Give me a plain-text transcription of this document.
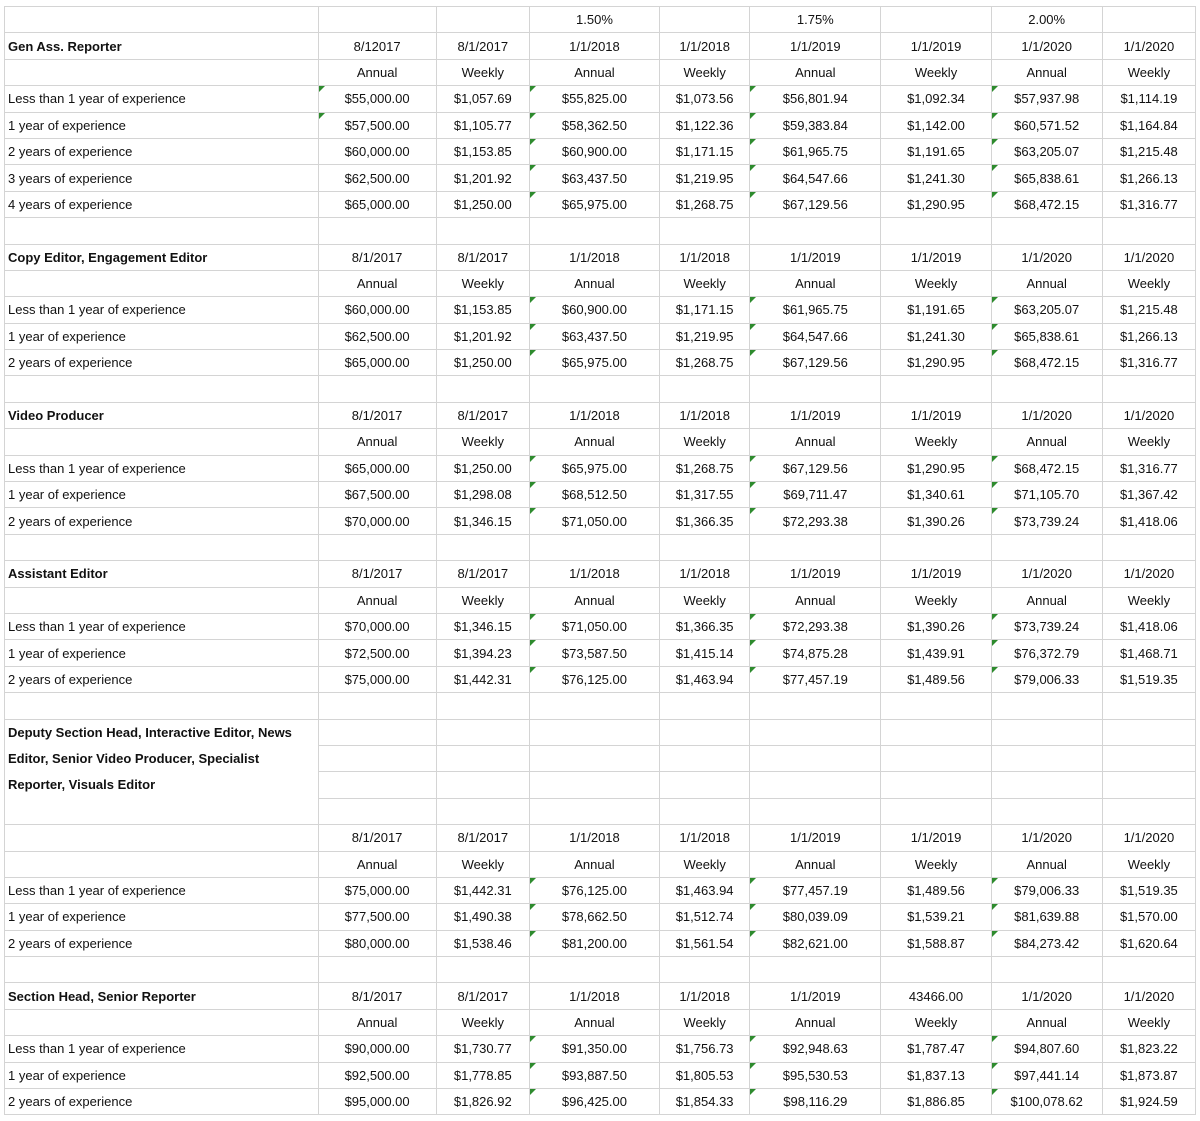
			1.50%		1.75%		2.00%	
Gen Ass. Reporter	8/12017	8/1/2017	1/1/2018	1/1/2018	1/1/2019	1/1/2019	1/1/2020	1/1/2020
	Annual	Weekly	Annual	Weekly	Annual	Weekly	Annual	Weekly
Less than 1 year of experience	$55,000.00	$1,057.69	$55,825.00	$1,073.56	$56,801.94	$1,092.34	$57,937.98	$1,114.19
1 year of experience	$57,500.00	$1,105.77	$58,362.50	$1,122.36	$59,383.84	$1,142.00	$60,571.52	$1,164.84
2 years of experience	$60,000.00	$1,153.85	$60,900.00	$1,171.15	$61,965.75	$1,191.65	$63,205.07	$1,215.48
3 years of experience	$62,500.00	$1,201.92	$63,437.50	$1,219.95	$64,547.66	$1,241.30	$65,838.61	$1,266.13
4 years of experience	$65,000.00	$1,250.00	$65,975.00	$1,268.75	$67,129.56	$1,290.95	$68,472.15	$1,316.77

Copy Editor, Engagement Editor	8/1/2017	8/1/2017	1/1/2018	1/1/2018	1/1/2019	1/1/2019	1/1/2020	1/1/2020
	Annual	Weekly	Annual	Weekly	Annual	Weekly	Annual	Weekly
Less than 1 year of experience	$60,000.00	$1,153.85	$60,900.00	$1,171.15	$61,965.75	$1,191.65	$63,205.07	$1,215.48
1 year of experience	$62,500.00	$1,201.92	$63,437.50	$1,219.95	$64,547.66	$1,241.30	$65,838.61	$1,266.13
2 years of experience	$65,000.00	$1,250.00	$65,975.00	$1,268.75	$67,129.56	$1,290.95	$68,472.15	$1,316.77

Video Producer	8/1/2017	8/1/2017	1/1/2018	1/1/2018	1/1/2019	1/1/2019	1/1/2020	1/1/2020
	Annual	Weekly	Annual	Weekly	Annual	Weekly	Annual	Weekly
Less than 1 year of experience	$65,000.00	$1,250.00	$65,975.00	$1,268.75	$67,129.56	$1,290.95	$68,472.15	$1,316.77
1 year of experience	$67,500.00	$1,298.08	$68,512.50	$1,317.55	$69,711.47	$1,340.61	$71,105.70	$1,367.42
2 years of experience	$70,000.00	$1,346.15	$71,050.00	$1,366.35	$72,293.38	$1,390.26	$73,739.24	$1,418.06

Assistant Editor	8/1/2017	8/1/2017	1/1/2018	1/1/2018	1/1/2019	1/1/2019	1/1/2020	1/1/2020
	Annual	Weekly	Annual	Weekly	Annual	Weekly	Annual	Weekly
Less than 1 year of experience	$70,000.00	$1,346.15	$71,050.00	$1,366.35	$72,293.38	$1,390.26	$73,739.24	$1,418.06
1 year of experience	$72,500.00	$1,394.23	$73,587.50	$1,415.14	$74,875.28	$1,439.91	$76,372.79	$1,468.71
2 years of experience	$75,000.00	$1,442.31	$76,125.00	$1,463.94	$77,457.19	$1,489.56	$79,006.33	$1,519.35

Deputy Section Head, Interactive Editor, News Editor, Senior Video Producer, Specialist Reporter, Visuals Editor								

	8/1/2017	8/1/2017	1/1/2018	1/1/2018	1/1/2019	1/1/2019	1/1/2020	1/1/2020
	Annual	Weekly	Annual	Weekly	Annual	Weekly	Annual	Weekly
Less than 1 year of experience	$75,000.00	$1,442.31	$76,125.00	$1,463.94	$77,457.19	$1,489.56	$79,006.33	$1,519.35
1 year of experience	$77,500.00	$1,490.38	$78,662.50	$1,512.74	$80,039.09	$1,539.21	$81,639.88	$1,570.00
2 years of experience	$80,000.00	$1,538.46	$81,200.00	$1,561.54	$82,621.00	$1,588.87	$84,273.42	$1,620.64

Section Head, Senior Reporter	8/1/2017	8/1/2017	1/1/2018	1/1/2018	1/1/2019	43466.00	1/1/2020	1/1/2020
	Annual	Weekly	Annual	Weekly	Annual	Weekly	Annual	Weekly
Less than 1 year of experience	$90,000.00	$1,730.77	$91,350.00	$1,756.73	$92,948.63	$1,787.47	$94,807.60	$1,823.22
1 year of experience	$92,500.00	$1,778.85	$93,887.50	$1,805.53	$95,530.53	$1,837.13	$97,441.14	$1,873.87
2 years of experience	$95,000.00	$1,826.92	$96,425.00	$1,854.33	$98,116.29	$1,886.85	$100,078.62	$1,924.59
